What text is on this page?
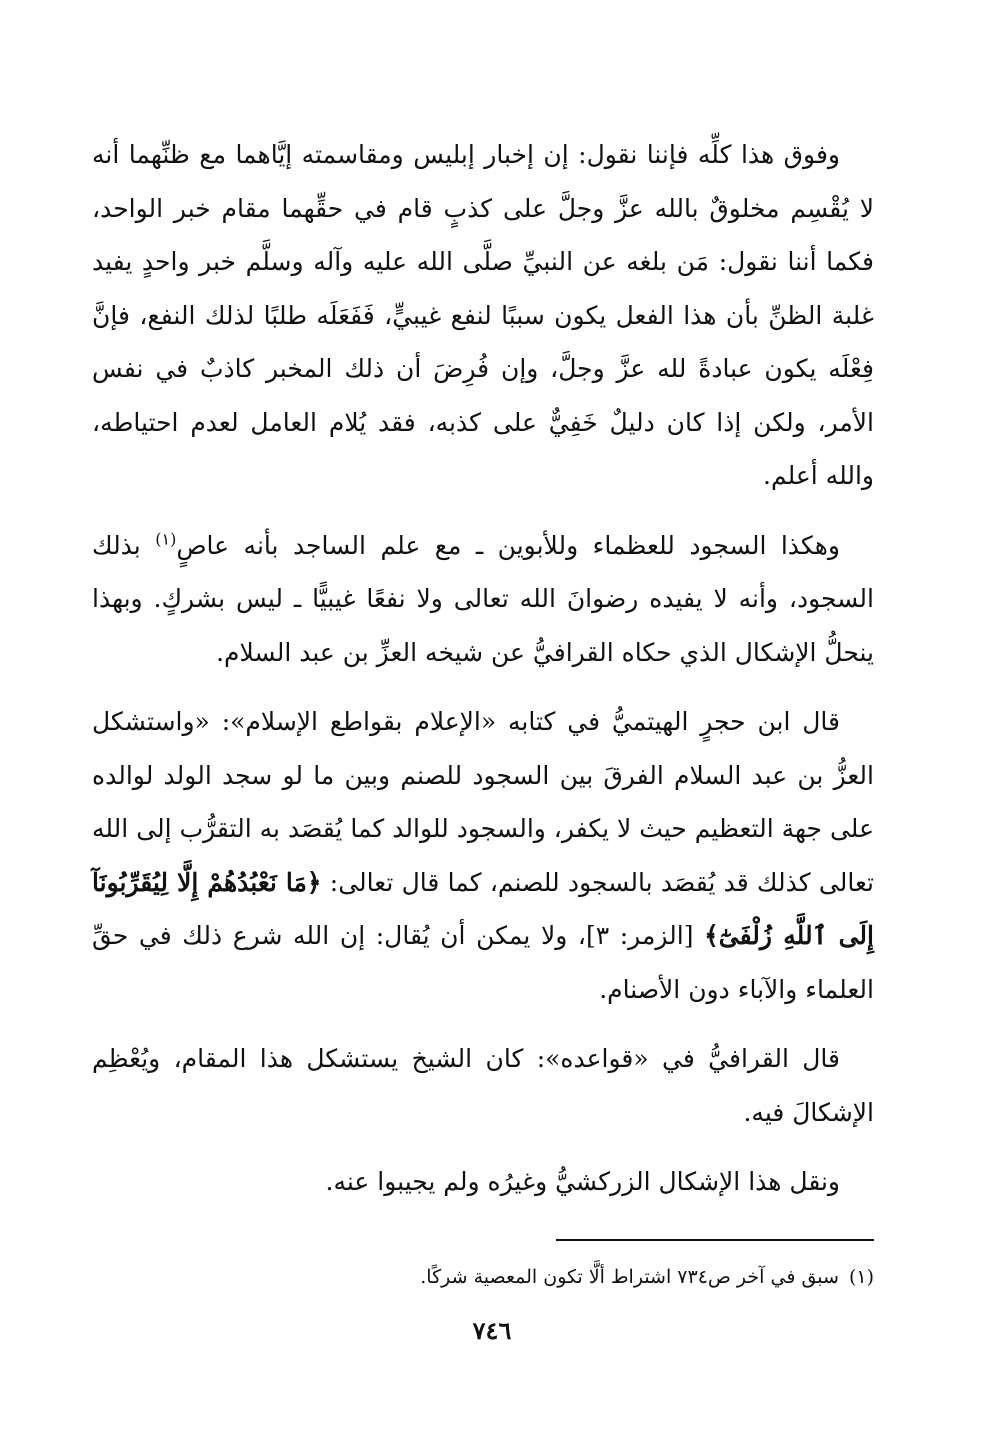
وفوق هذا كلِّه فإننا نقول: إن إخبار إبليس ومقاسمته إيَّاهما مع ظنِّهما أنه لا يُقْسِم مخلوقٌ بالله عزَّ وجلَّ على كذبٍ قام في حقِّهما مقام خبر الواحد، فكما أننا نقول: مَن بلغه عن النبيِّ صلَّى الله عليه وآله وسلَّم خبر واحدٍ يفيد غلبة الظنِّ بأن هذا الفعل يكون سببًا لنفع غيبيٍّ، فَفَعَلَه طلبًا لذلك النفع، فإنَّ فِعْلَه يكون عبادةً لله عزَّ وجلَّ، وإن فُرِضَ أن ذلك المخبر كاذبٌ في نفس الأمر، ولكن إذا كان دليلٌ خَفِيٌّ على كذبه، فقد يُلام العامل لعدم احتياطه، والله أعلم.

وهكذا السجود للعظماء وللأبوين ـ مع علم الساجد بأنه عاصٍ$^{(١)}$ بذلك السجود، وأنه لا يفيده رضوانَ الله تعالى ولا نفعًا غيبيًّا ـ ليس بشركٍ. وبهذا ينحلُّ الإشكال الذي حكاه القرافيُّ عن شيخه العزِّ بن عبد السلام.

قال ابن حجرٍ الهيتميُّ في كتابه «الإعلام بقواطع الإسلام»: «واستشكل العزُّ بن عبد السلام الفرقَ بين السجود للصنم وبين ما لو سجد الولد لوالده على جهة التعظيم حيث لا يكفر، والسجود للوالد كما يُقصَد به التقرُّب إلى الله تعالى كذلك قد يُقصَد بالسجود للصنم، كما قال تعالى: ﴿مَا نَعْبُدُهُمْ إِلَّا لِيُقَرِّبُونَآ إِلَى ٱللَّهِ زُلْفَىٰٓ﴾ [الزمر: ٣]، ولا يمكن أن يُقال: إن الله شرع ذلك في حقِّ العلماء والآباء دون الأصنام.

قال القرافيُّ في «قواعده»: كان الشيخ يستشكل هذا المقام، ويُعْظِم الإشكالَ فيه.

ونقل هذا الإشكال الزركشيُّ وغيرُه ولم يجيبوا عنه.

(١)سبق في آخر ص٧٣٤ اشتراط ألَّا تكون المعصية شركًا.
٧٤٦
